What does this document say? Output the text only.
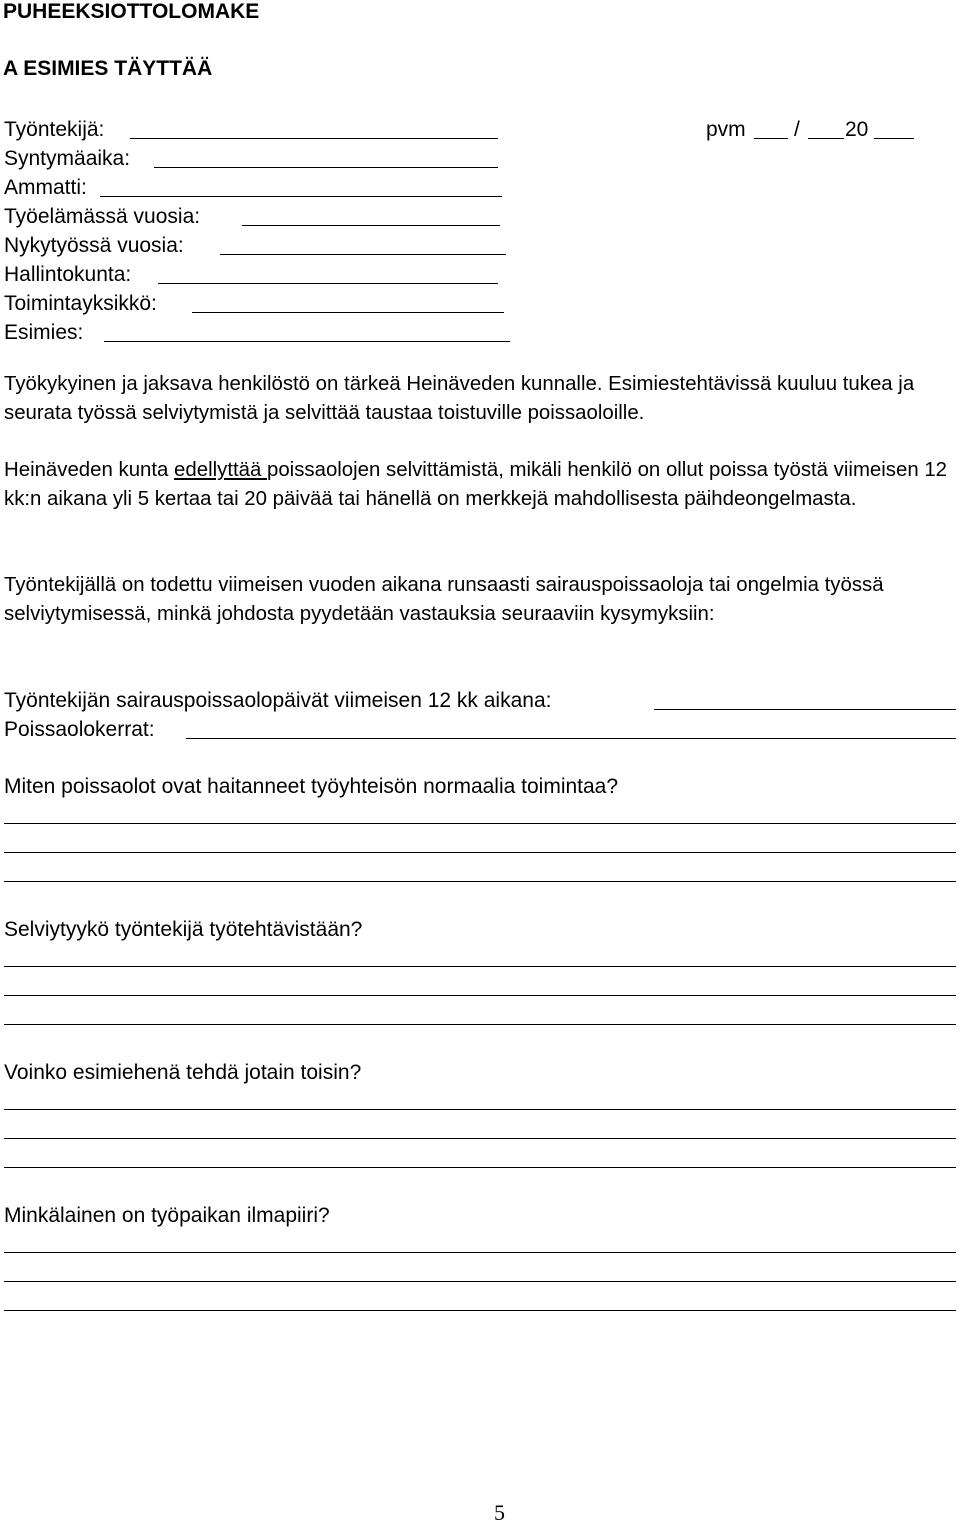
PUHEEKSIOTTOLOMAKE
A ESIMIES TÄYTTÄÄ
Työntekijä:	pvm / 20
Syntymäaika:
Ammatti:
Työelämässä vuosia:
Nykytyössä vuosia:
Hallintokunta:
Toimintayksikkö:
Esimies:
Työkykyinen ja jaksava henkilöstö on tärkeä Heinäveden kunnalle. Esimiestehtävissä kuuluu tukea ja seurata työssä selviytymistä ja selvittää taustaa toistuville poissaoloille.
Heinäveden kunta edellyttää poissaolojen selvittämistä, mikäli henkilö on ollut poissa työstä viimeisen 12 kk:n aikana yli 5 kertaa tai 20 päivää tai hänellä on merkkejä mahdollisesta päihdeongelmasta.
Työntekijällä on todettu viimeisen vuoden aikana runsaasti sairauspoissaoloja tai ongelmia työssä selviytymisessä, minkä johdosta pyydetään vastauksia seuraaviin kysymyksiin:
Työntekijän sairauspoissaolopäivät viimeisen 12 kk aikana:
Poissaolokerrat:
Miten poissaolot ovat haitanneet työyhteisön normaalia toimintaa?
Selviytyykö työntekijä työtehtävistään?
Voinko esimiehenä tehdä jotain toisin?
Minkälainen on työpaikan ilmapiiri?
5
